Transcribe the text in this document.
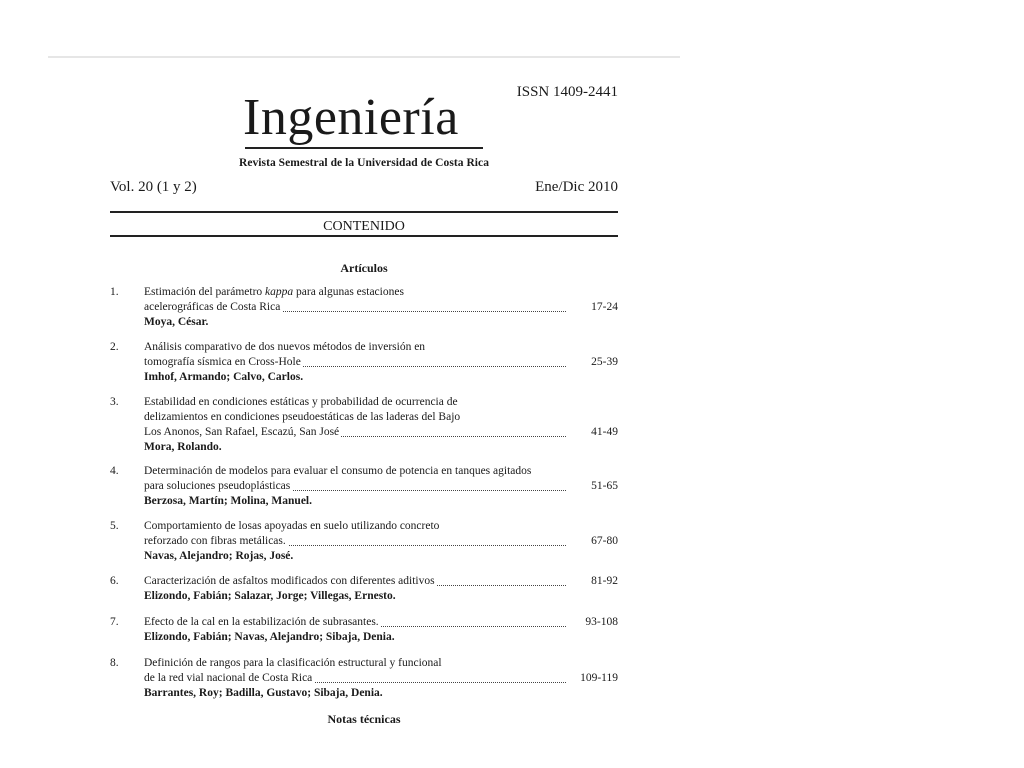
ISSN 1409-2441
Ingeniería
Revista Semestral de la Universidad de Costa Rica
Vol. 20 (1 y 2)	Ene/Dic 2010
CONTENIDO
Artículos
1. Estimación del parámetro kappa para algunas estaciones
acelerográficas de Costa Rica	17-24
Moya, César.
2. Análisis comparativo de dos nuevos métodos de inversión en
tomografía sísmica en Cross-Hole	25-39
Imhof, Armando; Calvo, Carlos.
3. Estabilidad en condiciones estáticas y probabilidad de ocurrencia de
delizamientos en condiciones pseudoestáticas de las laderas del Bajo
Los Anonos, San Rafael, Escazú, San José	41-49
Mora, Rolando.
4. Determinación de modelos para evaluar el consumo de potencia en tanques agitados
para soluciones pseudoplásticas	51-65
Berzosa, Martín; Molina, Manuel.
5. Comportamiento de losas apoyadas en suelo utilizando concreto
reforzado con fibras metálicas.	67-80
Navas, Alejandro; Rojas, José.
6. Caracterización de asfaltos modificados con diferentes aditivos	81-92
Elizondo, Fabián; Salazar, Jorge; Villegas, Ernesto.
7. Efecto de la cal en la estabilización de subrasantes.	93-108
Elizondo, Fabián; Navas, Alejandro; Sibaja, Denia.
8. Definición de rangos para la clasificación estructural y funcional
de la red vial nacional de Costa Rica	109-119
Barrantes, Roy; Badilla, Gustavo; Sibaja, Denia.
Notas técnicas
